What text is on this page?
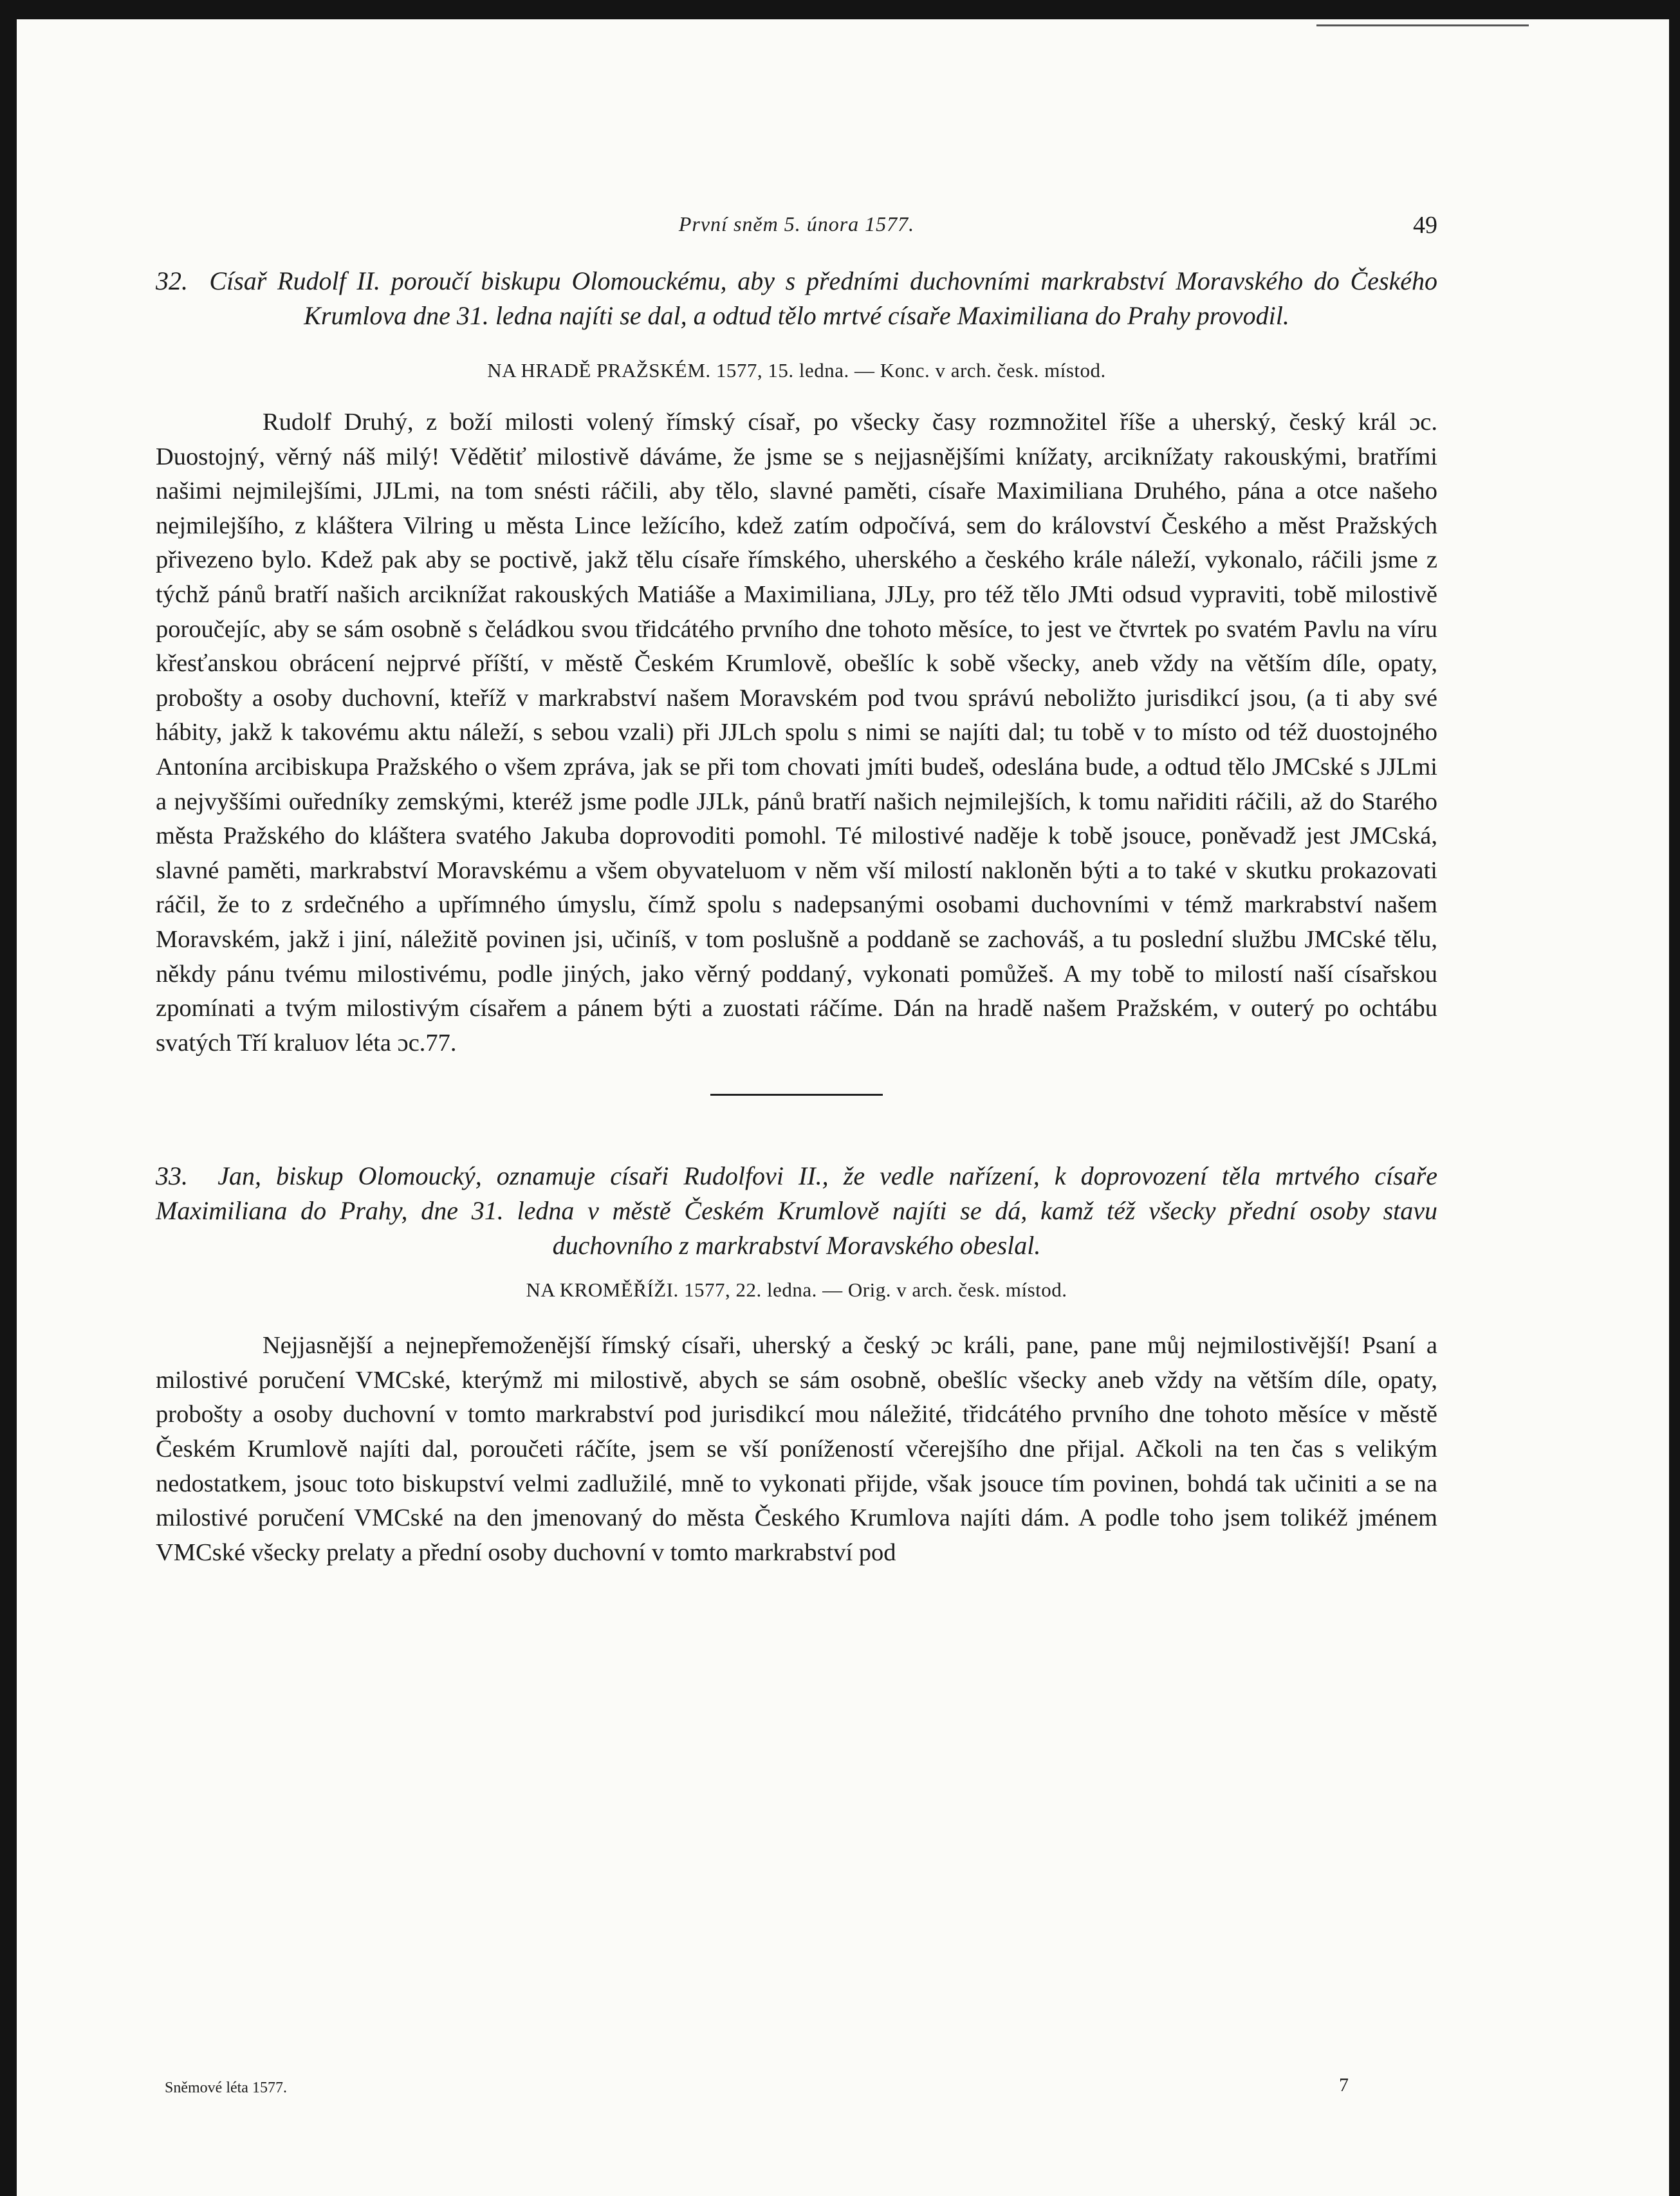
První sněm 5. února 1577.	49

32. Císař Rudolf II. poroučí biskupu Olomouckému, aby s předními duchovními markrabství Moravského do Českého Krumlova dne 31. ledna najíti se dal, a odtud tělo mrtvé císaře Maximiliana do Prahy provodil.

NA HRADĚ PRAŽSKÉM. 1577, 15. ledna. — Konc. v arch. česk. místod.

Rudolf Druhý, z boží milosti volený římský císař, po všecky časy rozmnožitel říše a uherský, český král ɔc. Duostojný, věrný náš milý! Vědětiť milostivě dáváme, že jsme se s nejjasnějšími knížaty, arciknížaty rakouskými, bratřími našimi nejmilejšími, JJLmi, na tom snésti ráčili, aby tělo, slavné paměti, císaře Maximiliana Druhého, pána a otce našeho nejmilejšího, z kláštera Vilring u města Lince ležícího, kdež zatím odpočívá, sem do království Českého a měst Pražských přivezeno bylo. Kdež pak aby se poctivě, jakž tělu císaře římského, uherského a českého krále náleží, vykonalo, ráčili jsme z týchž pánů bratří našich arciknížat rakouských Matiáše a Maximiliana, JJLy, pro též tělo JMti odsud vypraviti, tobě milostivě poroučejíc, aby se sám osobně s čeládkou svou třidcátého prvního dne tohoto měsíce, to jest ve čtvrtek po svatém Pavlu na víru křesťanskou obrácení nejprvé příští, v městě Českém Krumlově, obešlíc k sobě všecky, aneb vždy na větším díle, opaty, probošty a osoby duchovní, kteříž v markrabství našem Moravském pod tvou správú neboližto jurisdikcí jsou, (a ti aby své hábity, jakž k takovému aktu náleží, s sebou vzali) při JJLch spolu s nimi se najíti dal; tu tobě v to místo od též duostojného Antonína arcibiskupa Pražského o všem zpráva, jak se při tom chovati jmíti budeš, odeslána bude, a odtud tělo JMCské s JJLmi a nejvyššími ouředníky zemskými, kteréž jsme podle JJLk, pánů bratří našich nejmilejších, k tomu nařiditi ráčili, až do Starého města Pražského do kláštera svatého Jakuba doprovoditi pomohl. Té milostivé naděje k tobě jsouce, poněvadž jest JMCská, slavné paměti, markrabství Moravskému a všem obyvateluom v něm vší milostí nakloněn býti a to také v skutku prokazovati ráčil, že to z srdečného a upřímného úmyslu, čímž spolu s nadepsanými osobami duchovními v témž markrabství našem Moravském, jakž i jiní, náležitě povinen jsi, učiníš, v tom poslušně a poddaně se zachováš, a tu poslední službu JMCské tělu, někdy pánu tvému milostivému, podle jiných, jako věrný poddaný, vykonati pomůžeš. A my tobě to milostí naší císařskou zpomínati a tvým milostivým císařem a pánem býti a zuostati ráčíme. Dán na hradě našem Pražském, v outerý po ochtábu svatých Tří kraluov léta ɔc.77.

33. Jan, biskup Olomoucký, oznamuje císaři Rudolfovi II., že vedle nařízení, k doprovození těla mrtvého císaře Maximiliana do Prahy, dne 31. ledna v městě Českém Krumlově najíti se dá, kamž též všecky přední osoby stavu duchovního z markrabství Moravského obeslal.

NA KROMĚŘÍŽI. 1577, 22. ledna. — Orig. v arch. česk. místod.

Nejjasnější a nejnepřemoženější římský císaři, uherský a český ɔc králi, pane, pane můj nejmilostivější! Psaní a milostivé poručení VMCské, kterýmž mi milostivě, abych se sám osobně, obešlíc všecky aneb vždy na větším díle, opaty, probošty a osoby duchovní v tomto markrabství pod jurisdikcí mou náležité, třidcátého prvního dne tohoto měsíce v městě Českém Krumlově najíti dal, poroučeti ráčíte, jsem se vší ponížeností včerejšího dne přijal. Ačkoli na ten čas s velikým nedostatkem, jsouc toto biskupství velmi zadlužilé, mně to vykonati přijde, však jsouce tím povinen, bohdá tak učiniti a se na milostivé poručení VMCské na den jmenovaný do města Českého Krumlova najíti dám. A podle toho jsem tolikéž jménem VMCské všecky prelaty a přední osoby duchovní v tomto markrabství pod

Sněmové léta 1577.	7
